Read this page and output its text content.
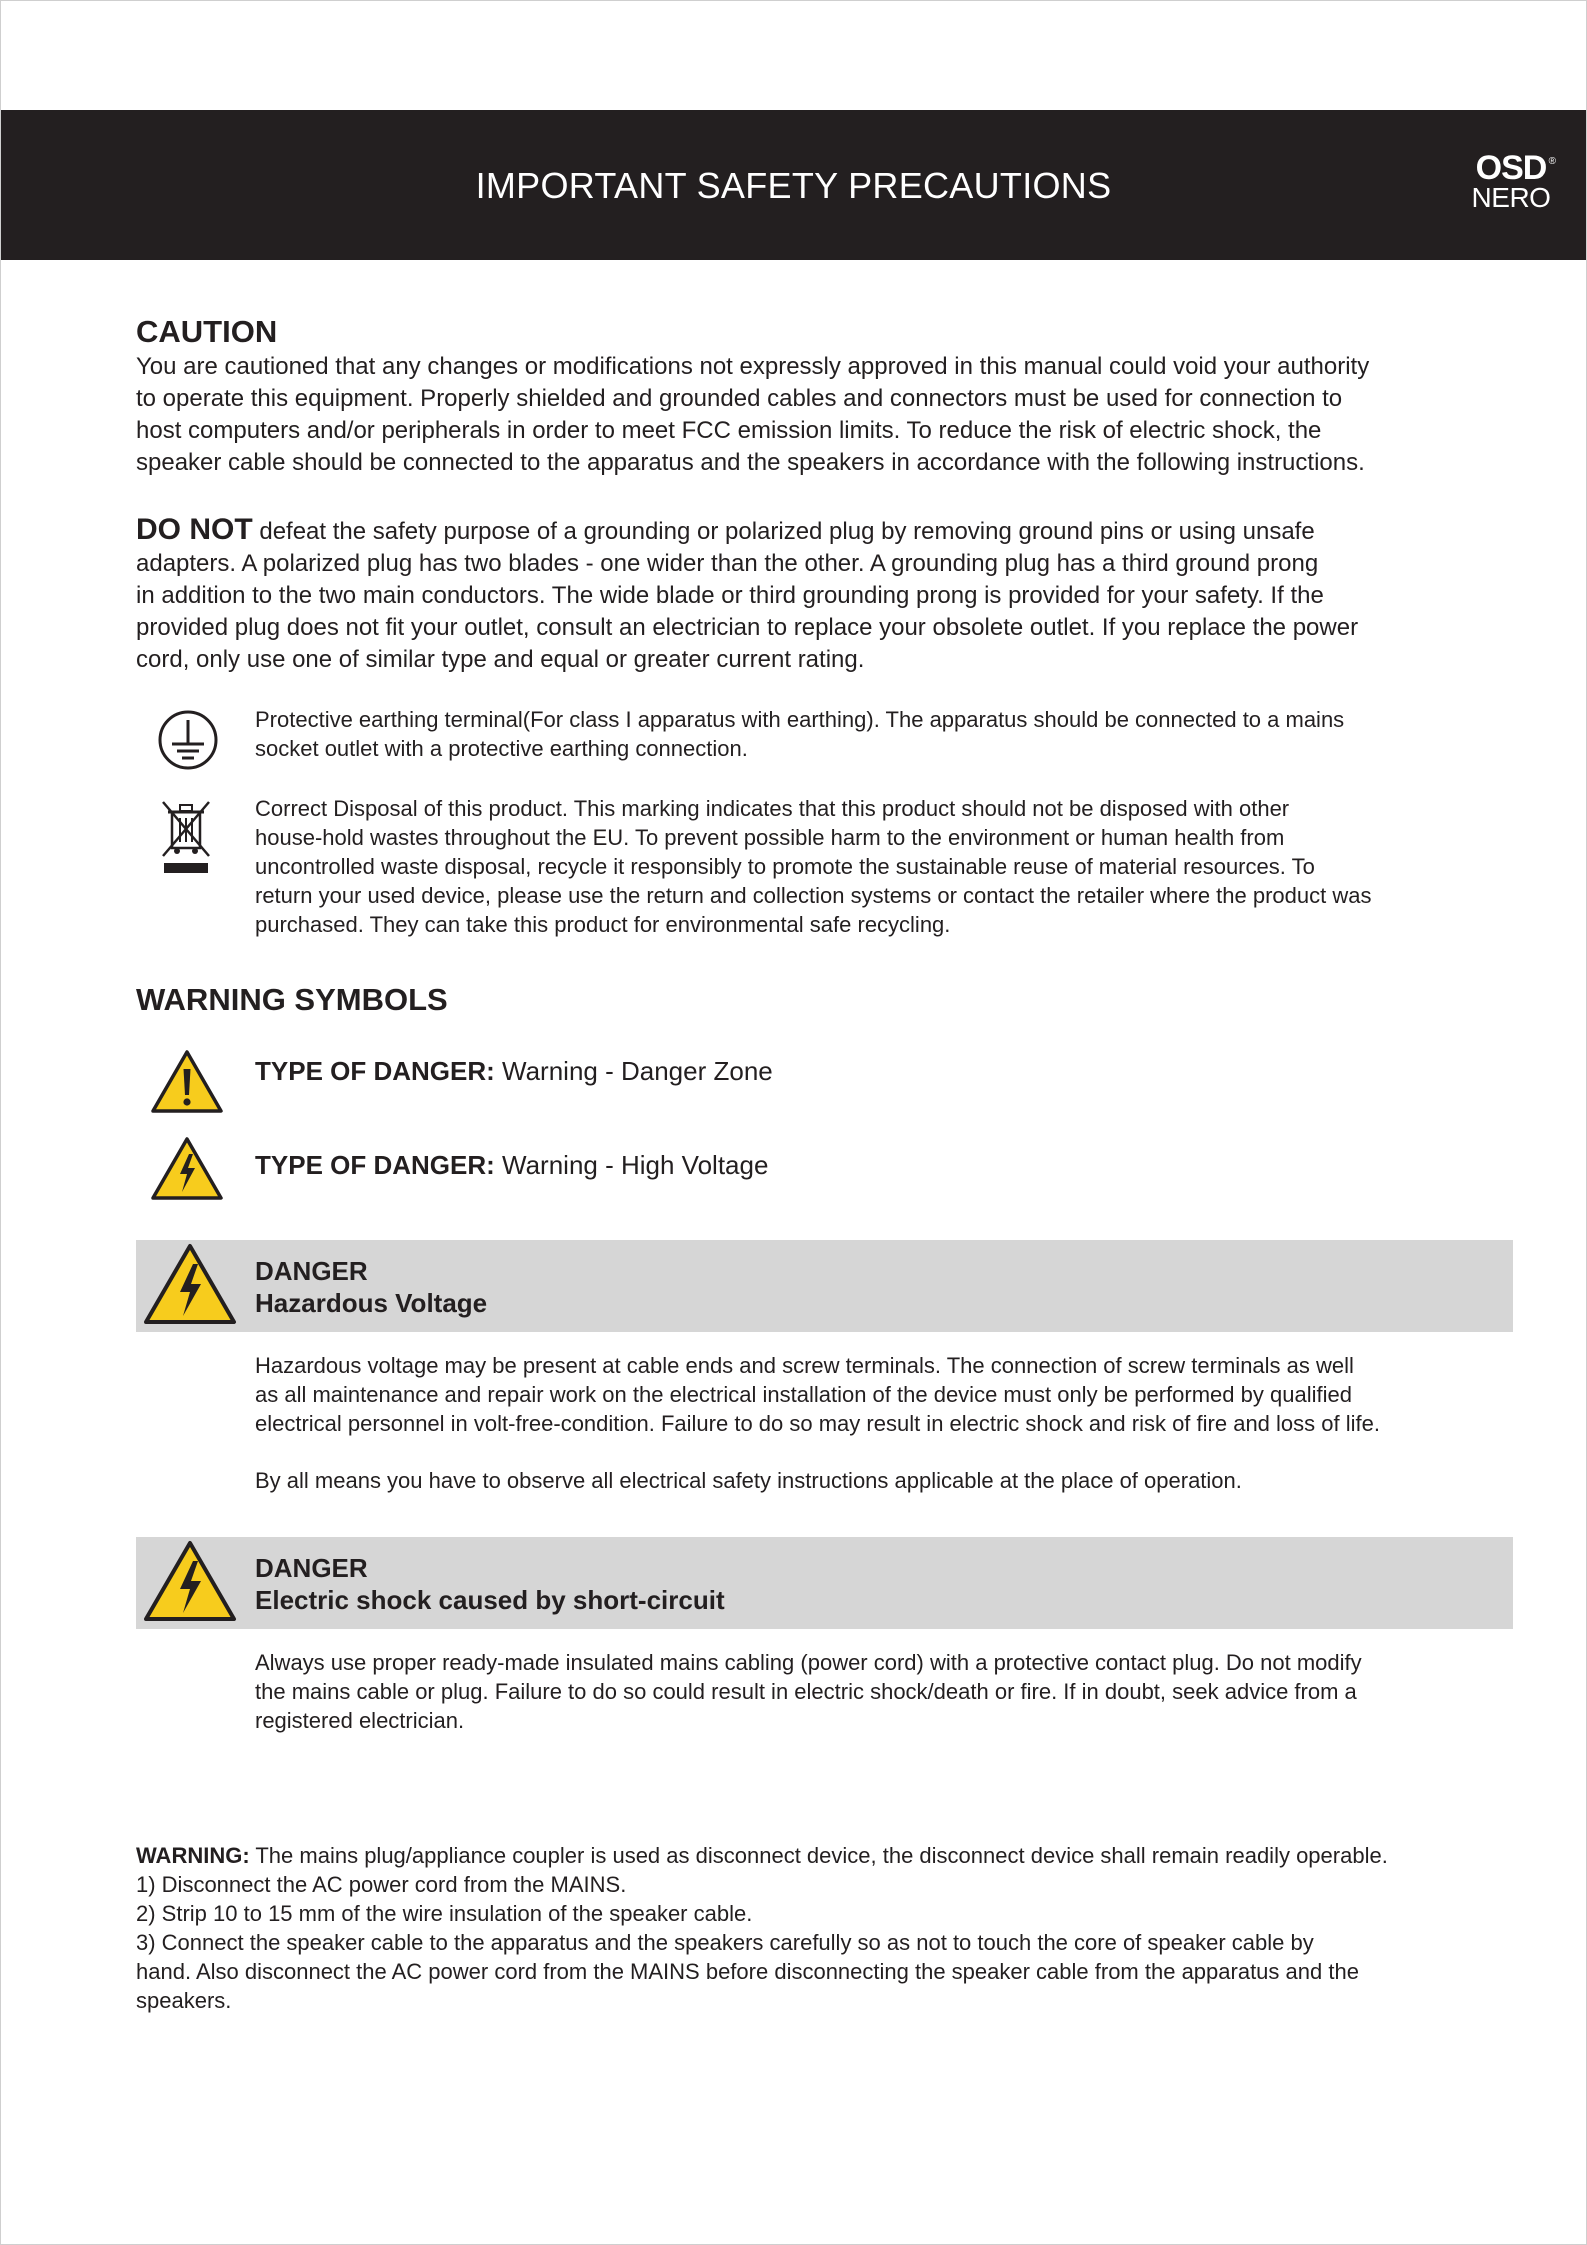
IMPORTANT SAFETY PRECAUTIONS	OSD ®
NERO
CAUTION

You are cautioned that any changes or modifications not expressly approved in this manual could void your authority
to operate this equipment. Properly shielded and grounded cables and connectors must be used for connection to
host computers and/or peripherals in order to meet FCC emission limits. To reduce the risk of electric shock, the
speaker cable should be connected to the apparatus and the speakers in accordance with the following instructions.

DO NOT defeat the safety purpose of a grounding or polarized plug by removing ground pins or using unsafe
adapters. A polarized plug has two blades - one wider than the other. A grounding plug has a third ground prong
in addition to the two main conductors. The wide blade or third grounding prong is provided for your safety. If the
provided plug does not fit your outlet, consult an electrician to replace your obsolete outlet. If you replace the power
cord, only use one of similar type and equal or greater current rating.

Protective earthing terminal(For class I apparatus with earthing). The apparatus should be connected to a mains
socket outlet with a protective earthing connection.

Correct Disposal of this product. This marking indicates that this product should not be disposed with other
house-hold wastes throughout the EU. To prevent possible harm to the environment or human health from
uncontrolled waste disposal, recycle it responsibly to promote the sustainable reuse of material resources. To
return your used device, please use the return and collection systems or contact the retailer where the product was
purchased. They can take this product for environmental safe recycling.

WARNING SYMBOLS
TYPE OF DANGER: Warning - Danger Zone
TYPE OF DANGER: Warning - High Voltage
DANGER
Hazardous Voltage

Hazardous voltage may be present at cable ends and screw terminals. The connection of screw terminals as well
as all maintenance and repair work on the electrical installation of the device must only be performed by qualified
electrical personnel in volt-free-condition. Failure to do so may result in electric shock and risk of fire and loss of life.

By all means you have to observe all electrical safety instructions applicable at the place of operation.

DANGER
Electric shock caused by short-circuit

Always use proper ready-made insulated mains cabling (power cord) with a protective contact plug. Do not modify
the mains cable or plug. Failure to do so could result in electric shock/death or fire. If in doubt, seek advice from a
registered electrician.

WARNING: The mains plug/appliance coupler is used as disconnect device, the disconnect device shall remain readily operable.
1) Disconnect the AC power cord from the MAINS.
2) Strip 10 to 15 mm of the wire insulation of the speaker cable.
3) Connect the speaker cable to the apparatus and the speakers carefully so as not to touch the core of speaker cable by
hand. Also disconnect the AC power cord from the MAINS before disconnecting the speaker cable from the apparatus and the
speakers.
